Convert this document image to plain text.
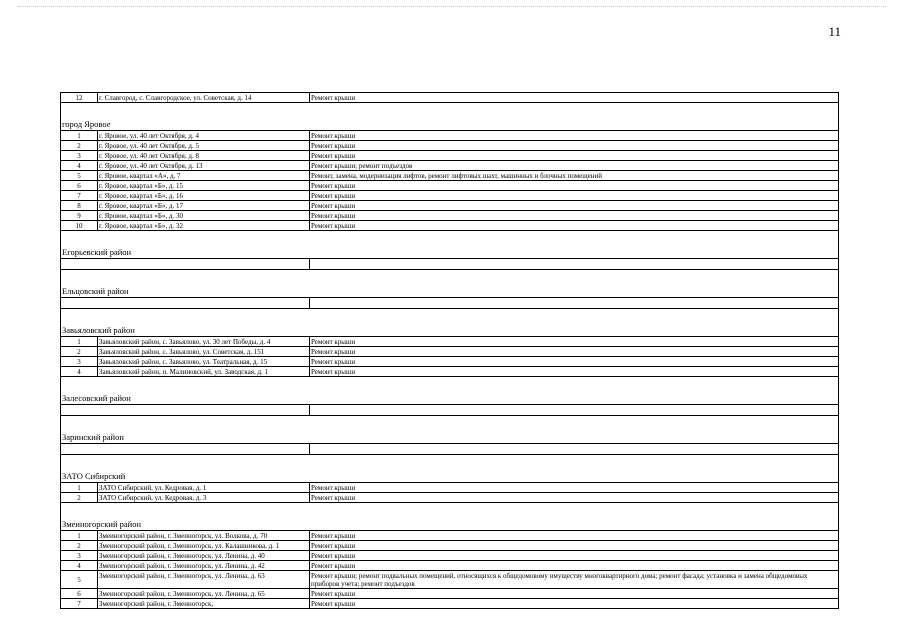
11
12	г. Славгород, с. Славгородское, ул. Советская, д. 14	Ремонт крыши
город Яровое
1	г. Яровое, ул. 40 лет Октября, д. 4	Ремонт крыши
2	г. Яровое, ул. 40 лет Октября, д. 5	Ремонт крыши
3	г. Яровое, ул. 40 лет Октября, д. 8	Ремонт крыши
4	г. Яровое, ул. 40 лет Октября, д. 13	Ремонт крыши; ремонт подъездов
5	г. Яровое, квартал «А», д. 7	Ремонт, замена, модернизация лифтов, ремонт лифтовых шахт, машинных и блочных помещений
6	г. Яровое, квартал «Б», д. 15	Ремонт крыши
7	г. Яровое, квартал «Б», д. 16	Ремонт крыши
8	г. Яровое, квартал «Б», д. 17	Ремонт крыши
9	г. Яровое, квартал «Б», д. 30	Ремонт крыши
10	г. Яровое, квартал «Б», д. 32	Ремонт крыши
Егорьевский район
Ельцовский район
Завьяловский район
1	Завьяловский район, с. Завьялово, ул. 30 лет Победы, д. 4	Ремонт крыши
2	Завьяловский район, с. Завьялово, ул. Советская, д. 151	Ремонт крыши
3	Завьяловский район, с. Завьялово, ул. Театральная, д. 15	Ремонт крыши
4	Завьяловский район, п. Малиновский, ул. Заводская, д. 1	Ремонт крыши
Залесовский район
Заринский район
ЗАТО Сибирский
1	ЗАТО Сибирский, ул. Кедровая, д. 1	Ремонт крыши
2	ЗАТО Сибирский, ул. Кедровая, д. 3	Ремонт крыши
Змеиногорский район
1	Змеиногорский район, г. Змеиногорск, ул. Волкова, д. 70	Ремонт крыши
2	Змеиногорский район, г. Змеиногорск, ул. Калашникова, д. 1	Ремонт крыши
3	Змеиногорский район, г. Змеиногорск, ул. Ленина, д. 40	Ремонт крыши
4	Змеиногорский район, г. Змеиногорск, ул. Ленина, д. 42	Ремонт крыши
5	Змеиногорский район, г. Змеиногорск, ул. Ленина, д. 63	Ремонт крыши; ремонт подвальных помещений, относящихся к общедомовому имуществу многоквартирного дома; ремонт фасада; установка и замена общедомовых приборов учета; ремонт подъездов
6	Змеиногорский район, г. Змеиногорск, ул. Ленина, д. 65	Ремонт крыши
7	Змеиногорский район, г. Змеиногорск,	Ремонт крыши
